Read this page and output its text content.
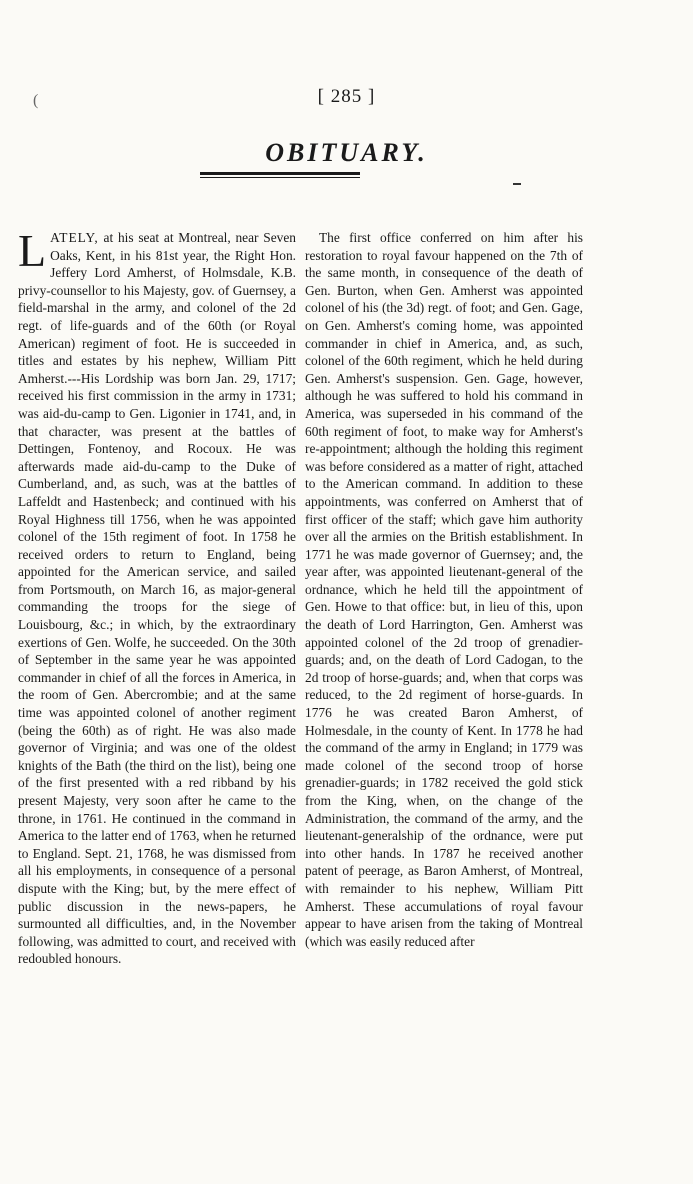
(	[ 285 ]
OBITUARY.

LATELY, at his seat at Montreal, near Seven Oaks, Kent, in his 81st year, the Right Hon. Jeffery Lord Amherst, of Holmsdale, K.B. privy-counsellor to his Majesty, gov. of Guernsey, a field-marshal in the army, and colonel of the 2d regt. of life-guards and of the 60th (or Royal American) regiment of foot. He is succeeded in titles and estates by his nephew, William Pitt Amherst.---His Lordship was born Jan. 29, 1717; received his first commission in the army in 1731; was aid-du-camp to Gen. Ligonier in 1741, and, in that character, was present at the battles of Dettingen, Fontenoy, and Rocoux. He was afterwards made aid-du-camp to the Duke of Cumberland, and, as such, was at the battles of Laffeldt and Hastenbeck; and continued with his Royal Highness till 1756, when he was appointed colonel of the 15th regiment of foot. In 1758 he received orders to return to England, being appointed for the American service, and sailed from Portsmouth, on March 16, as major-general commanding the troops for the siege of Louisbourg, &c.; in which, by the extraordinary exertions of Gen. Wolfe, he succeeded. On the 30th of September in the same year he was appointed commander in chief of all the forces in America, in the room of Gen. Abercrombie; and at the same time was appointed colonel of another regiment (being the 60th) as of right. He was also made governor of Virginia; and was one of the oldest knights of the Bath (the third on the list), being one of the first presented with a red ribband by his present Majesty, very soon after he came to the throne, in 1761. He continued in the command in America to the latter end of 1763, when he returned to England. Sept. 21, 1768, he was dismissed from all his employments, in consequence of a personal dispute with the King; but, by the mere effect of public discussion in the news-papers, he surmounted all difficulties, and, in the November following, was admitted to court, and received with redoubled honours.

The first office conferred on him after his restoration to royal favour happened on the 7th of the same month, in consequence of the death of Gen. Burton, when Gen. Amherst was appointed colonel of his (the 3d) regt. of foot; and Gen. Gage, on Gen. Amherst's coming home, was appointed commander in chief in America, and, as such, colonel of the 60th regiment, which he held during Gen. Amherst's suspension. Gen. Gage, however, although he was suffered to hold his command in America, was superseded in his command of the 60th regiment of foot, to make way for Amherst's re-appointment; although the holding this regiment was before considered as a matter of right, attached to the American command. In addition to these appointments, was conferred on Amherst that of first officer of the staff; which gave him authority over all the armies on the British establishment. In 1771 he was made governor of Guernsey; and, the year after, was appointed lieutenant-general of the ordnance, which he held till the appointment of Gen. Howe to that office: but, in lieu of this, upon the death of Lord Harrington, Gen. Amherst was appointed colonel of the 2d troop of grenadier-guards; and, on the death of Lord Cadogan, to the 2d troop of horse-guards; and, when that corps was reduced, to the 2d regiment of horse-guards. In 1776 he was created Baron Amherst, of Holmesdale, in the county of Kent. In 1778 he had the command of the army in England; in 1779 was made colonel of the second troop of horse grenadier-guards; in 1782 received the gold stick from the King, when, on the change of the Administration, the command of the army, and the lieutenant-generalship of the ordnance, were put into other hands. In 1787 he received another patent of peerage, as Baron Amherst, of Montreal, with remainder to his nephew, William Pitt Amherst. These accumulations of royal favour appear to have arisen from the taking of Montreal (which was easily reduced after
